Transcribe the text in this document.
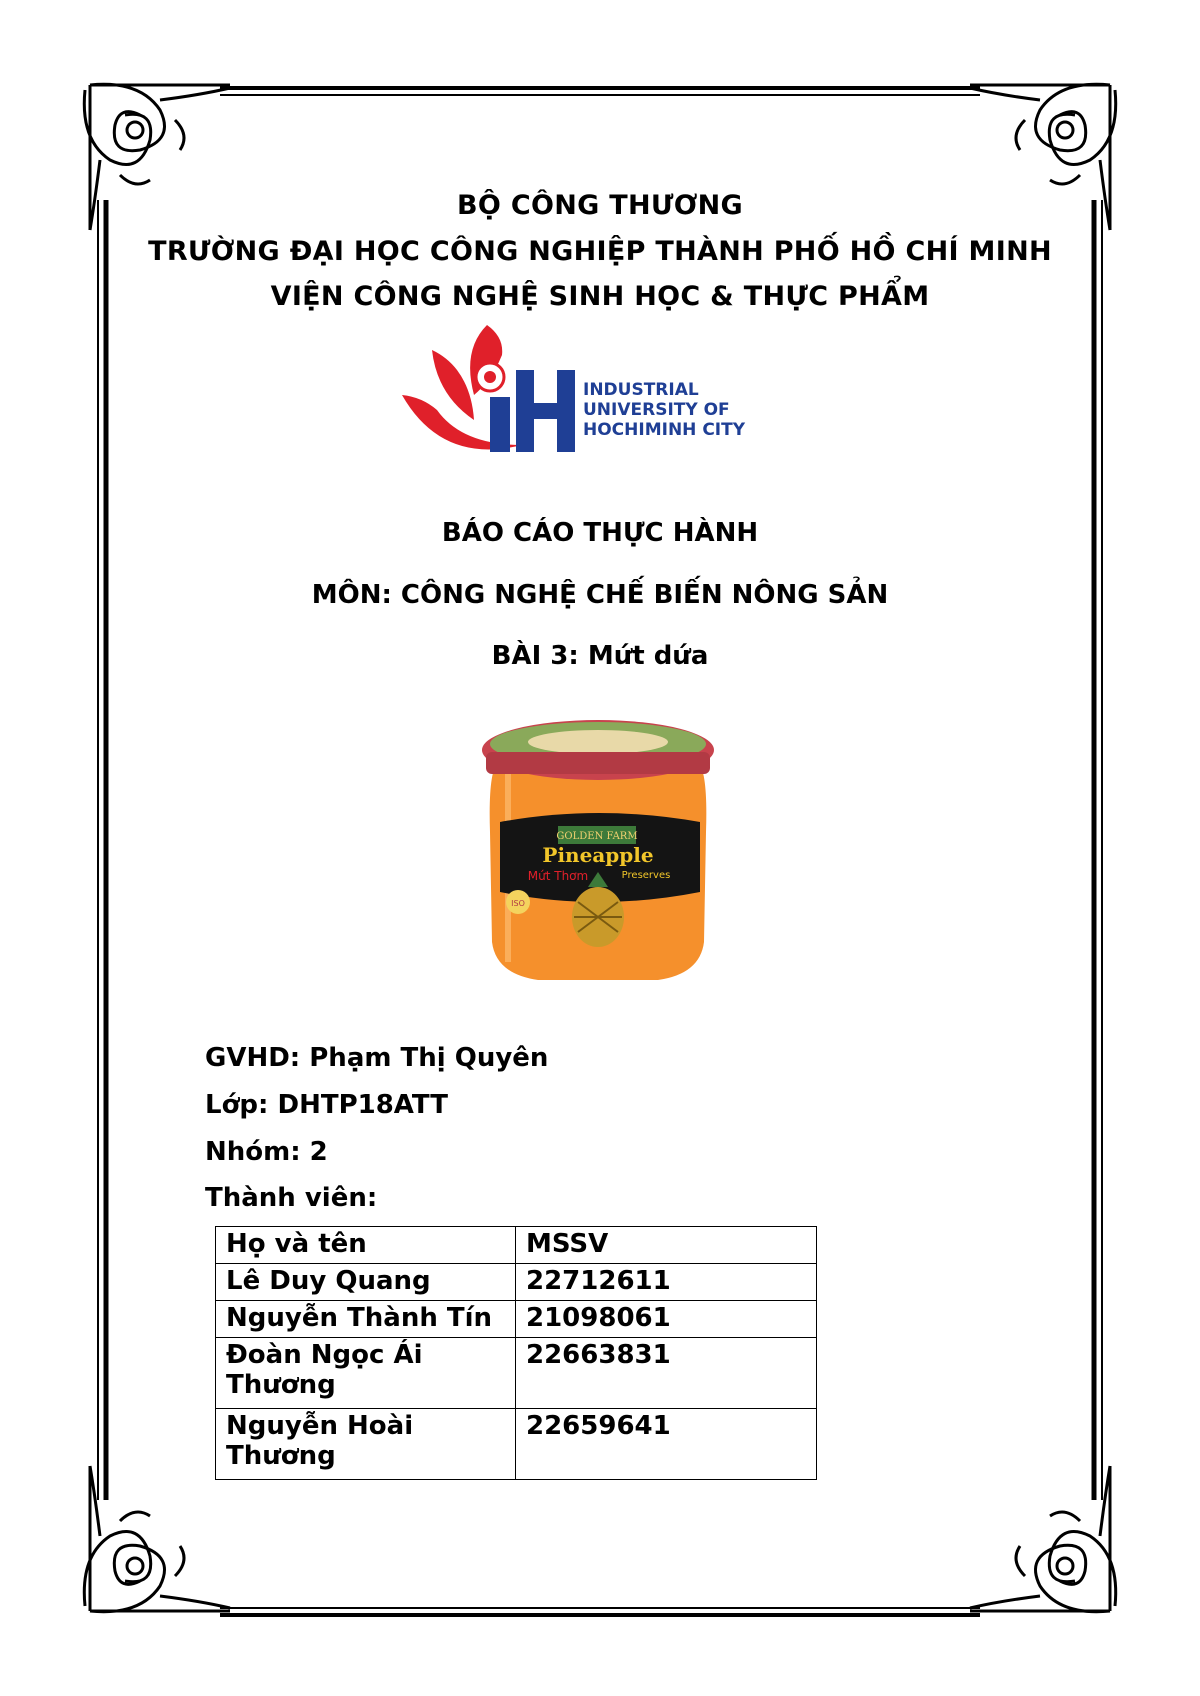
BỘ CÔNG THƯƠNG
TRƯỜNG ĐẠI HỌC CÔNG NGHIỆP THÀNH PHỐ HỒ CHÍ MINH
VIỆN CÔNG NGHỆ SINH HỌC & THỰC PHẨM
INDUSTRIAL
UNIVERSITY OF
HOCHIMINH CITY
BÁO CÁO THỰC HÀNH
MÔN: CÔNG NGHỆ CHẾ BIẾN NÔNG SẢN
BÀI 3: Mứt dứa
GOLDEN FARM
Pineapple
Mứt Thơm	Preserves
ISO
GVHD: Phạm Thị Quyên
Lớp: DHTP18ATT
Nhóm: 2
Thành viên:
Họ và tên	MSSV
Lê Duy Quang	22712611
Nguyễn Thành Tín	21098061
Đoàn Ngọc Ái Thương	22663831
Nguyễn Hoài Thương	22659641
